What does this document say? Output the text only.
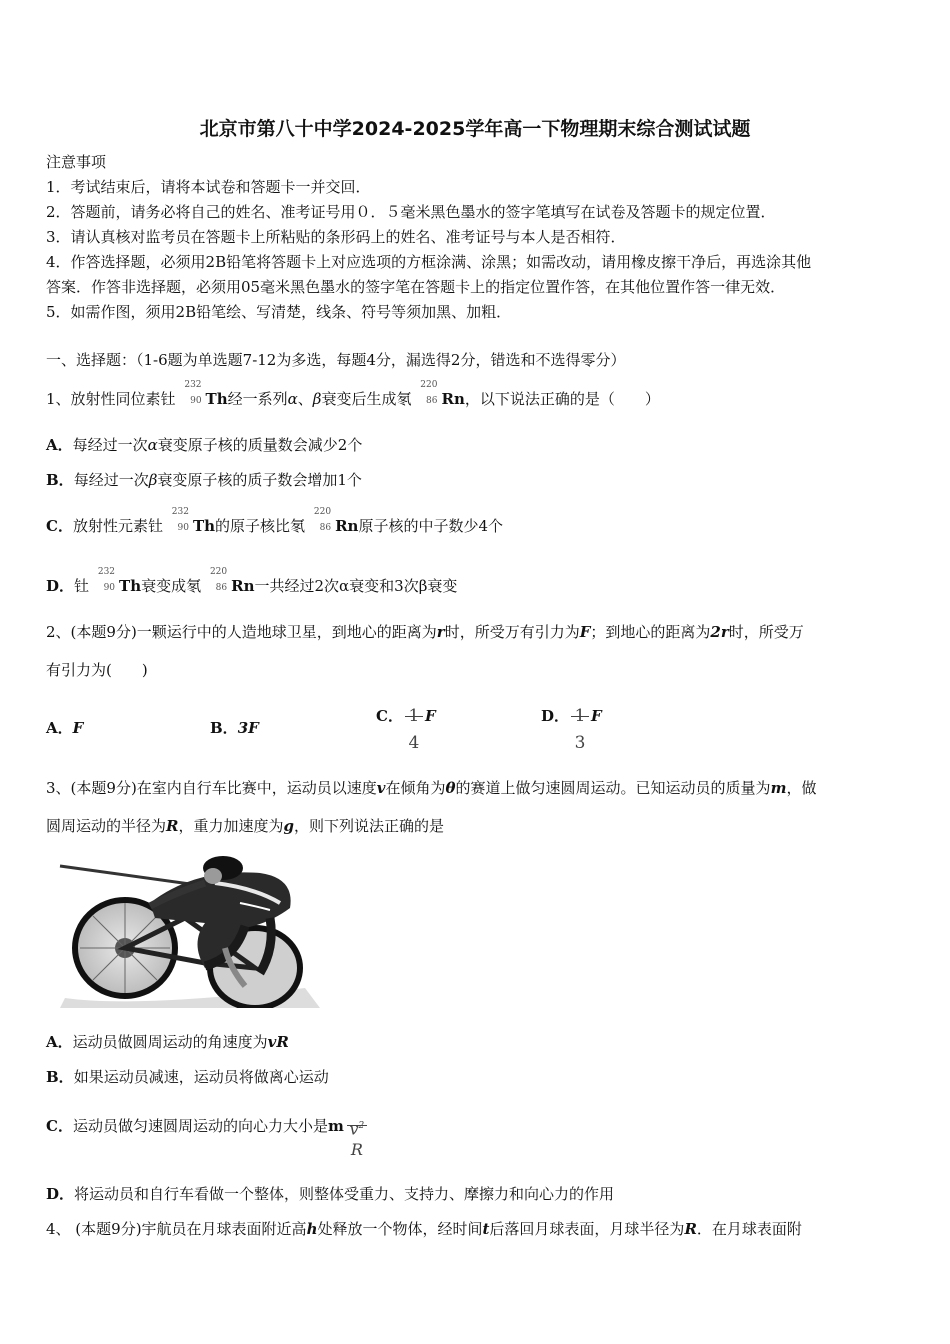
北京市第八十中学2024-2025学年高一下物理期末综合测试试题
注意事项
1．考试结束后，请将本试卷和答题卡一并交回．
2．答题前，请务必将自己的姓名、准考证号用０．５毫米黑色墨水的签字笔填写在试卷及答题卡的规定位置．
3．请认真核对监考员在答题卡上所粘贴的条形码上的姓名、准考证号与本人是否相符．
4．作答选择题，必须用2B铅笔将答题卡上对应选项的方框涂满、涂黑；如需改动，请用橡皮擦干净后，再选涂其他
答案．作答非选择题，必须用05毫米黑色墨水的签字笔在答题卡上的指定位置作答，在其他位置作答一律无效．
5．如需作图，须用2B铅笔绘、写清楚，线条、符号等须加黑、加粗．
一、选择题：（1-6题为单选题7-12为多选，每题4分，漏选得2分，错选和不选得零分）
1、放射性同位素钍
232
90 Th经一系列α、β衰变后生成氡
220
86 Rn，以下说法正确的是（　　）
A．每经过一次α衰变原子核的质量数会减少2个
B．每经过一次β衰变原子核的质子数会增加1个
C．放射性元素钍
232
90 Th的原子核比氡
220
86 Rn原子核的中子数少4个
D．钍
232
90 Th衰变成氡
220
86 Rn一共经过2次α衰变和3次β衰变
2、(本题9分)一颗运行中的人造地球卫星，到地心的距离为r时，所受万有引力为F；到地心的距离为2r时，所受万
有引力为(　　)
A．F	B．3F
C． 1
4
F	D． 1
3
F
3、(本题9分)在室内自行车比赛中，运动员以速度v在倾角为θ的赛道上做匀速圆周运动。已知运动员的质量为m，做
圆周运动的半径为R，重力加速度为g，则下列说法正确的是
A．运动员做圆周运动的角速度为vR
B．如果运动员减速，运动员将做离心运动
C．运动员做匀速圆周运动的向心力大小是m $v^2$
R
D．将运动员和自行车看做一个整体，则整体受重力、支持力、摩擦力和向心力的作用
4、 (本题9分)宇航员在月球表面附近高h处释放一个物体，经时间t后落回月球表面，月球半径为R．在月球表面附
